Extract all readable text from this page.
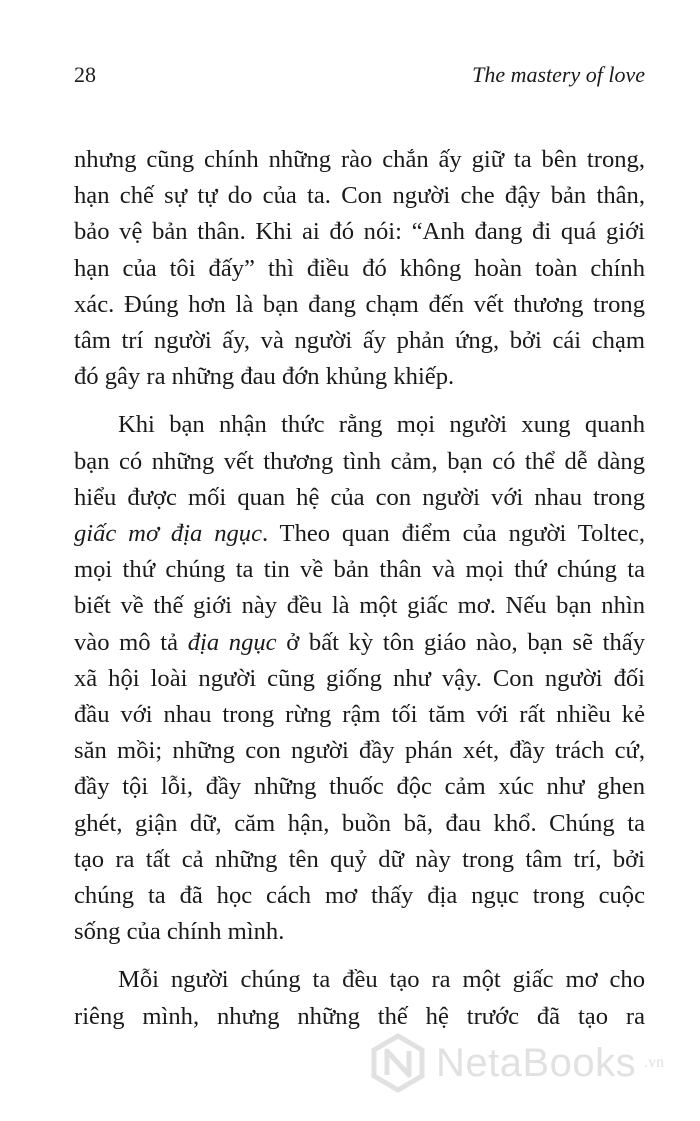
28	The mastery of love

nhưng cũng chính những rào chắn ấy giữ ta bên trong,
hạn chế sự tự do của ta. Con người che đậy bản thân,
bảo vệ bản thân. Khi ai đó nói: “Anh đang đi quá giới
hạn của tôi đấy” thì điều đó không hoàn toàn chính
xác. Đúng hơn là bạn đang chạm đến vết thương trong
tâm trí người ấy, và người ấy phản ứng, bởi cái chạm
đó gây ra những đau đớn khủng khiếp.

Khi bạn nhận thức rằng mọi người xung quanh
bạn có những vết thương tình cảm, bạn có thể dễ dàng
hiểu được mối quan hệ của con người với nhau trong
giấc mơ địa ngục. Theo quan điểm của người Toltec,
mọi thứ chúng ta tin về bản thân và mọi thứ chúng ta
biết về thế giới này đều là một giấc mơ. Nếu bạn nhìn
vào mô tả địa ngục ở bất kỳ tôn giáo nào, bạn sẽ thấy
xã hội loài người cũng giống như vậy. Con người đối
đầu với nhau trong rừng rậm tối tăm với rất nhiều kẻ
săn mồi; những con người đầy phán xét, đầy trách cứ,
đầy tội lỗi, đầy những thuốc độc cảm xúc như ghen
ghét, giận dữ, căm hận, buồn bã, đau khổ. Chúng ta
tạo ra tất cả những tên quỷ dữ này trong tâm trí, bởi
chúng ta đã học cách mơ thấy địa ngục trong cuộc
sống của chính mình.

Mỗi người chúng ta đều tạo ra một giấc mơ cho
riêng mình, nhưng những thế hệ trước đã tạo ra

NetaBooks .vn
